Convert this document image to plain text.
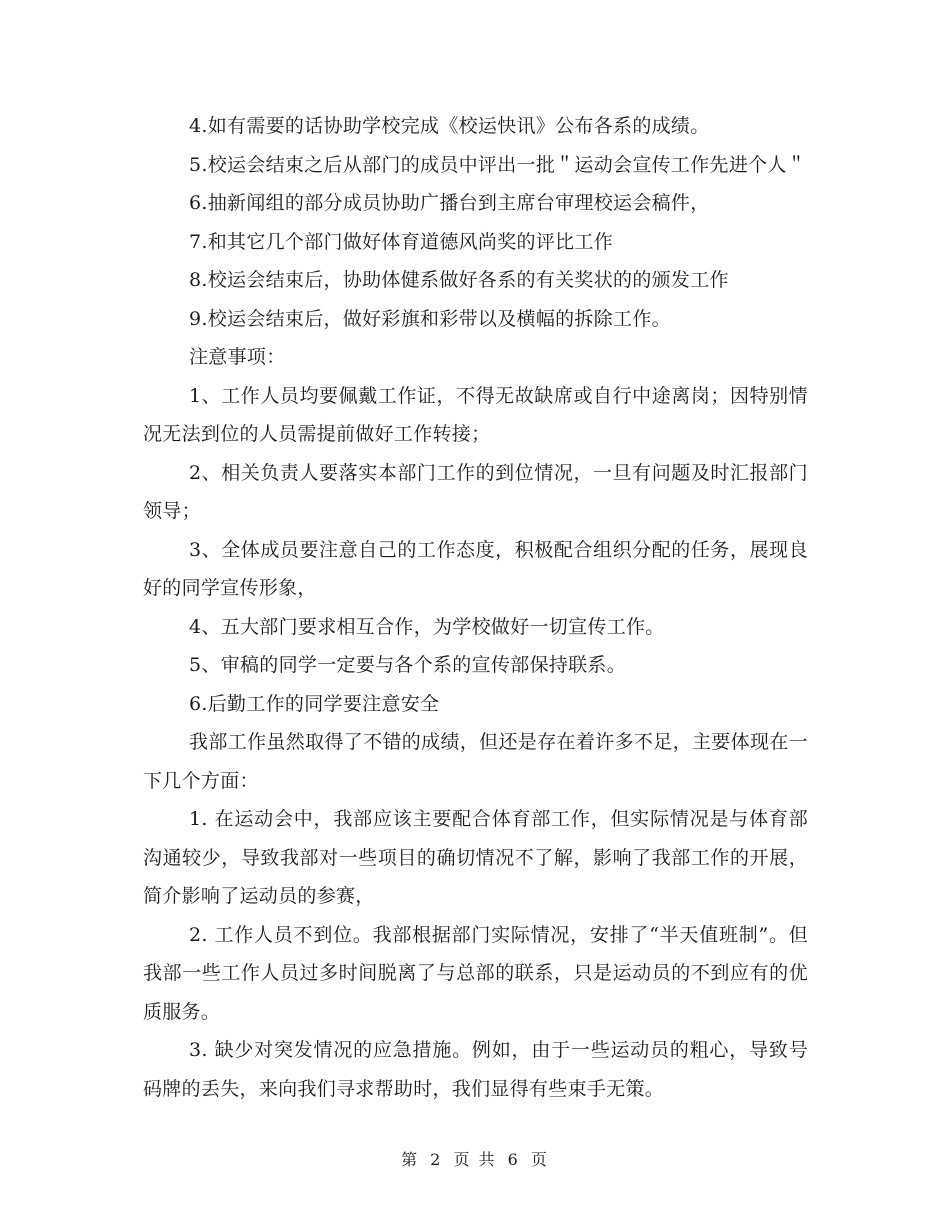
4.如有需要的话协助学校完成《校运快讯》公布各系的成绩。

5.校运会结束之后从部门的成员中评出一批＂运动会宣传工作先进个人＂

6.抽新闻组的部分成员协助广播台到主席台审理校运会稿件，

7.和其它几个部门做好体育道德风尚奖的评比工作

8.校运会结束后，协助体健系做好各系的有关奖状的的颁发工作

9.校运会结束后，做好彩旗和彩带以及横幅的拆除工作。

注意事项：

1、工作人员均要佩戴工作证，不得无故缺席或自行中途离岗；因特别情况无法到位的人员需提前做好工作转接；

2、相关负责人要落实本部门工作的到位情况，一旦有问题及时汇报部门领导；

3、全体成员要注意自己的工作态度，积极配合组织分配的任务，展现良好的同学宣传形象，

4、五大部门要求相互合作，为学校做好一切宣传工作。

5、审稿的同学一定要与各个系的宣传部保持联系。

6.后勤工作的同学要注意安全

我部工作虽然取得了不错的成绩，但还是存在着许多不足，主要体现在一下几个方面：

1. 在运动会中，我部应该主要配合体育部工作，但实际情况是与体育部沟通较少，导致我部对一些项目的确切情况不了解，影响了我部工作的开展，简介影响了运动员的参赛，

2. 工作人员不到位。我部根据部门实际情况，安排了“半天值班制”。但我部一些工作人员过多时间脱离了与总部的联系，只是运动员的不到应有的优质服务。

3. 缺少对突发情况的应急措施。例如，由于一些运动员的粗心，导致号码牌的丢失，来向我们寻求帮助时，我们显得有些束手无策。

第 2 页 共 6 页
